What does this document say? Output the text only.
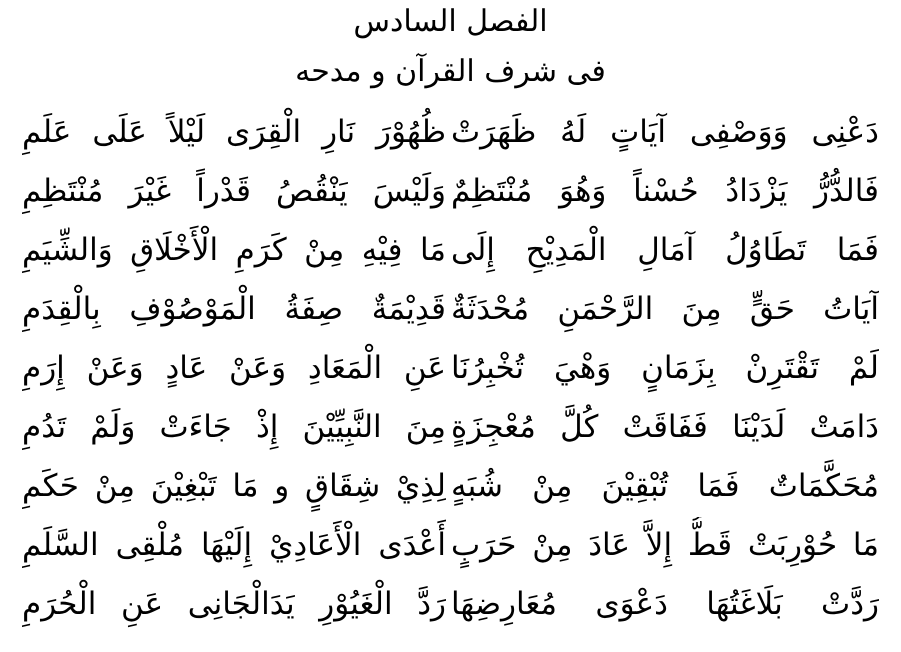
الفصل السادس
فی شرف القرآن و مدحه
دَعْنِى وَوَصْفِى آيَاتٍ لَهُ ظَهَرَتْ
ظُهُوْرَ نَارِ الْقِرَى لَيْلاً عَلَى عَلَمِ
فَالدُّرُّ يَزْدَادُ حُسْناً وَهُوَ مُنْتَظِمٌ
وَلَيْسَ يَنْقُصُ قَدْراً غَيْرَ مُنْتَظِمِ
فَمَا تَطَاوُلُ آمَالِ الْمَدِيْحِ إِلَى
مَا فِيْهِ مِنْ كَرَمِ الْأَخْلَاقِ وَالشِّيَمِ
آيَاتُ حَقٍّ مِنَ الرَّحْمَنِ مُحْدَثَةٌ
قَدِيْمَةٌ صِفَةُ الْمَوْصُوْفِ بِالْقِدَمِ
لَمْ تَقْتَرِنْ بِزَمَانٍ وَهْيَ تُخْبِرُنَا
عَنِ الْمَعَادِ وَعَنْ عَادٍ وَعَنْ إِرَمِ
دَامَتْ لَدَيْنَا فَفَاقَتْ كُلَّ مُعْجِزَةٍ
مِنَ النَّبِيِّيْنَ إِذْ جَاءَتْ وَلَمْ تَدُمِ
مُحَكَّمَاتٌ فَمَا تُبْقِيْنَ مِنْ شُبَهٍ
لِذِيْ شِقَاقٍ و مَا تَبْغِيْنَ مِنْ حَكَمِ
مَا حُوْرِبَتْ قَطُّ إِلاَّ عَادَ مِنْ حَرَبٍ
أَعْدَى الْأَعَادِيْ إِلَيْهَا مُلْقِى السَّلَمِ
رَدَّتْ بَلَاغَتُهَا دَعْوَى مُعَارِضِهَا
رَدَّ الْغَيُوْرِ يَدَالْجَانِى عَنِ الْحُرَمِ
